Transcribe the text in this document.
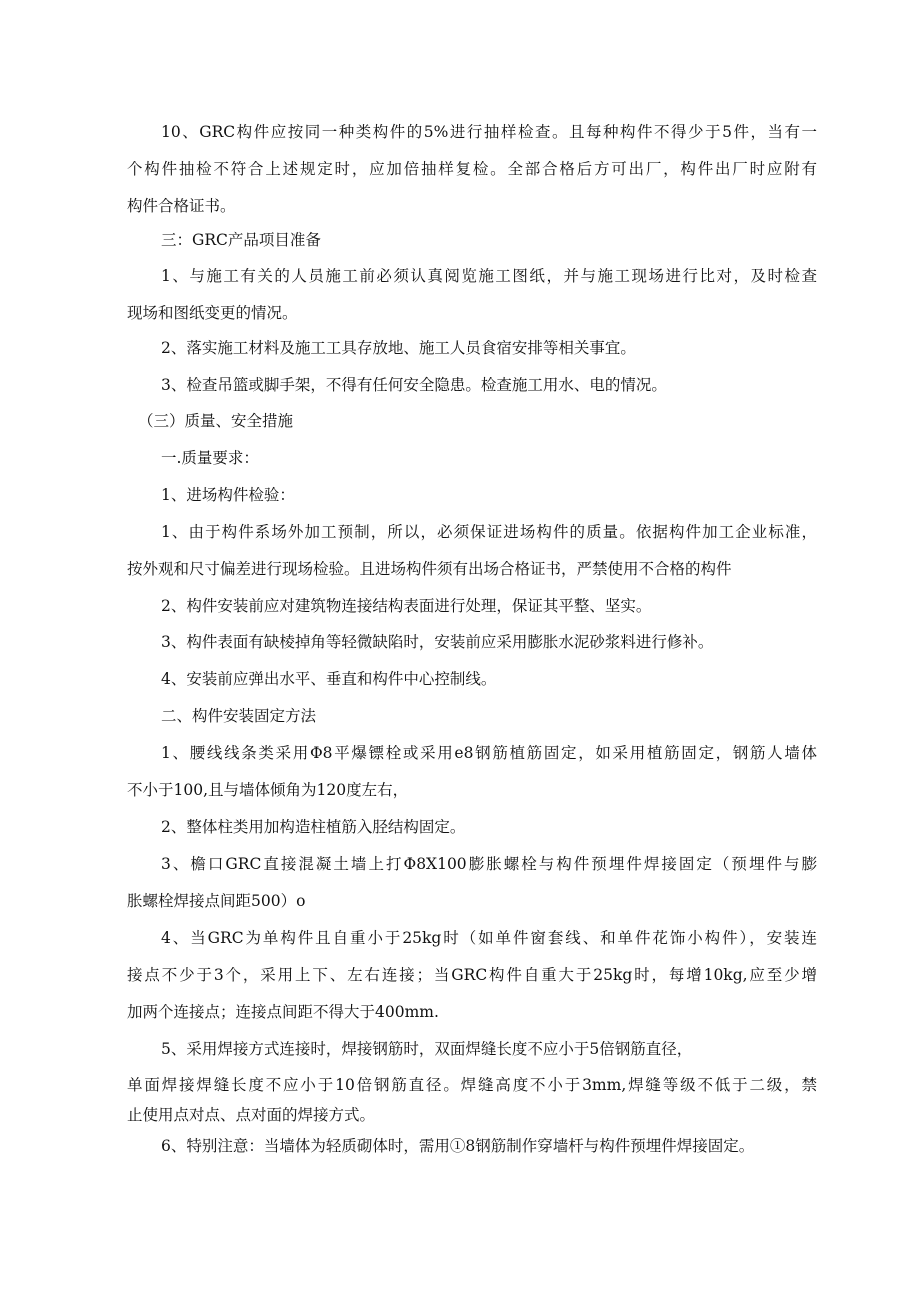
10、GRC构件应按同一种类构件的5%进行抽样检查。且每种构件不得少于5件，当有一
个构件抽检不符合上述规定时，应加倍抽样复检。全部合格后方可出厂，构件出厂时应附有
构件合格证书。
三：GRC产品项目准备
1、与施工有关的人员施工前必须认真阅览施工图纸，并与施工现场进行比对，及时检查
现场和图纸变更的情况。
2、落实施工材料及施工工具存放地、施工人员食宿安排等相关事宜。
3、检查吊篮或脚手架，不得有任何安全隐患。检查施工用水、电的情况。
（三）质量、安全措施
一.质量要求：
1、进场构件检验：
1、由于构件系场外加工预制，所以，必须保证进场构件的质量。依据构件加工企业标准，
按外观和尺寸偏差进行现场检验。且进场构件须有出场合格证书，严禁使用不合格的构件
2、构件安装前应对建筑物连接结构表面进行处理，保证其平整、坚实。
3、构件表面有缺棱掉角等轻微缺陷时，安装前应采用膨胀水泥砂浆料进行修补。
4、安装前应弹出水平、垂直和构件中心控制线。
二、构件安装固定方法
1、腰线线条类采用Φ8平爆镖栓或采用e8钢筋植筋固定，如采用植筋固定，钢筋人墙体
不小于100,且与墙体倾角为120度左右，
2、整体柱类用加构造柱植筋入胫结构固定。
3、檐口GRC直接混凝土墙上打Φ8X100膨胀螺栓与构件预埋件焊接固定（预埋件与膨
胀螺栓焊接点间距500）o
4、当GRC为单构件且自重小于25kg时（如单件窗套线、和单件花饰小构件），安装连
接点不少于3个，采用上下、左右连接；当GRC构件自重大于25kg时，每增10kg,应至少增
加两个连接点；连接点间距不得大于400mm.
5、采用焊接方式连接时，焊接钢筋时，双面焊缝长度不应小于5倍钢筋直径，
单面焊接焊缝长度不应小于10倍钢筋直径。焊缝高度不小于3mm,焊缝等级不低于二级，禁
止使用点对点、点对面的焊接方式。
6、特别注意：当墙体为轻质砌体时，需用①8钢筋制作穿墙杆与构件预埋件焊接固定。
